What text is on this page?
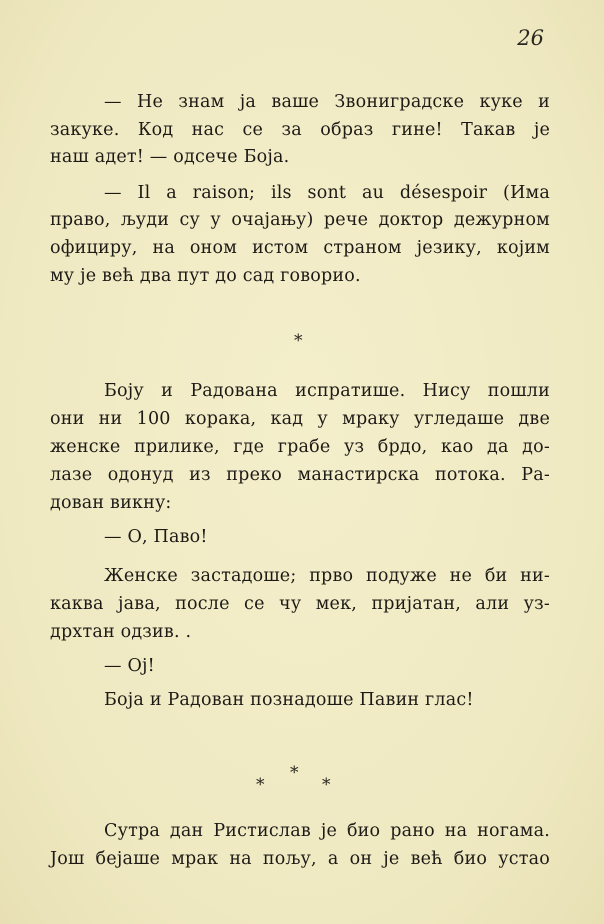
26
— Не знам ја ваше Звониградске куке и
закуке. Код нас се за образ гине! Такав је
наш адет! — одсече Боја.
— Il a raison; ils sont au désespoir (Има
право, људи су у очајању) рече доктор дежурном
официру, на оном истом страном језику, којим
му је већ два пут до сад говорио.
*
Боју и Радована испратише. Нису пошли
они ни 100 корака, кад у мраку угледаше две
женске прилике, где грабе уз брдо, као да до-
лазе одонуд из преко манастирска потока. Ра-
дован викну:
— О, Паво!
Женске застадоше; прво подуже не би ни-
каква јава, после се чу мек, пријатан, али уз-
дрхтан одзив. .
— Ој!
Боја и Радован познадоше Павин глас!
*
*	*
Сутра дан Ристислав је био рано на ногама.
Још бејаше мрак на пољу, а он је већ био устао
